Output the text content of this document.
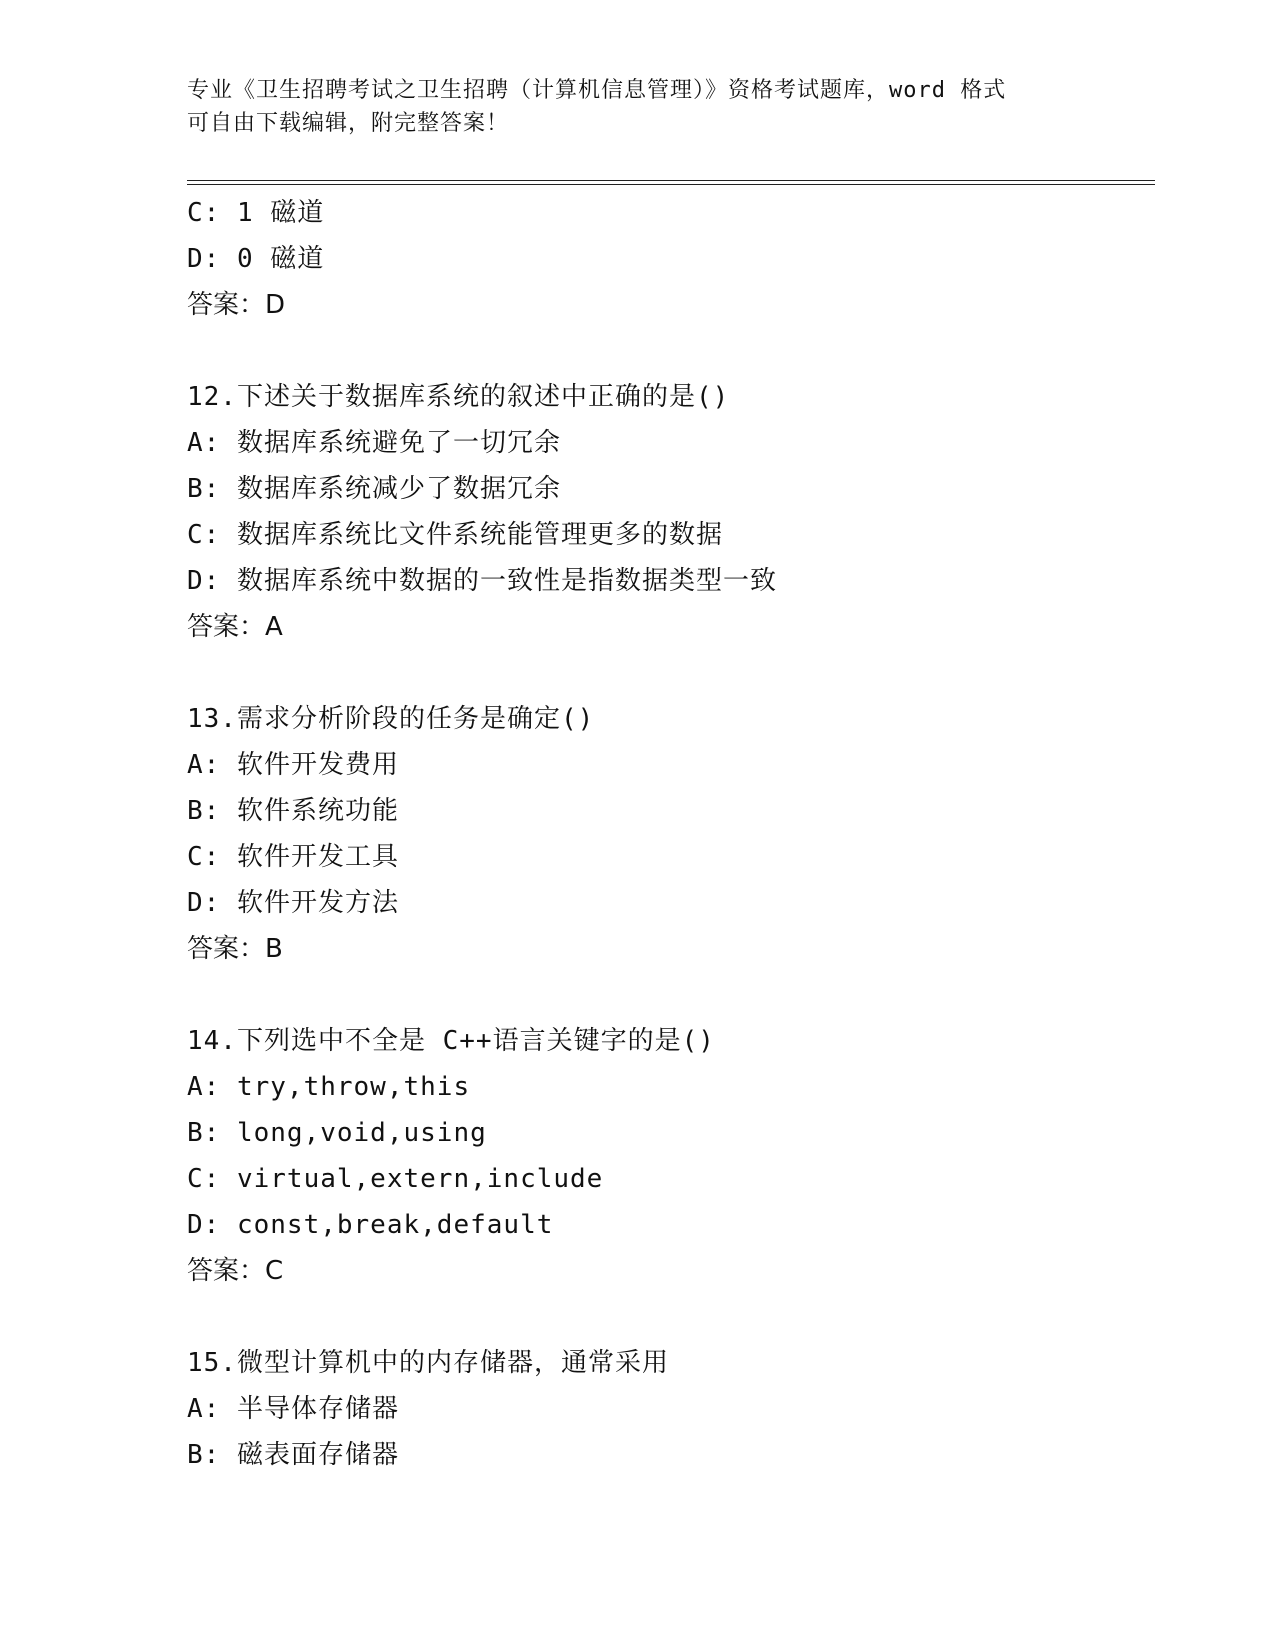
专业《卫生招聘考试之卫生招聘（计算机信息管理）》资格考试题库，word 格式
可自由下载编辑，附完整答案！
C: 1 磁道
D: 0 磁道
答案：D
12.下述关于数据库系统的叙述中正确的是()
A: 数据库系统避免了一切冗余
B: 数据库系统减少了数据冗余
C: 数据库系统比文件系统能管理更多的数据
D: 数据库系统中数据的一致性是指数据类型一致
答案：A
13.需求分析阶段的任务是确定()
A: 软件开发费用
B: 软件系统功能
C: 软件开发工具
D: 软件开发方法
答案：B
14.下列选中不全是 C++语言关键字的是()
A: try,throw,this
B: long,void,using
C: virtual,extern,include
D: const,break,default
答案：C
15.微型计算机中的内存储器，通常采用
A: 半导体存储器
B: 磁表面存储器
